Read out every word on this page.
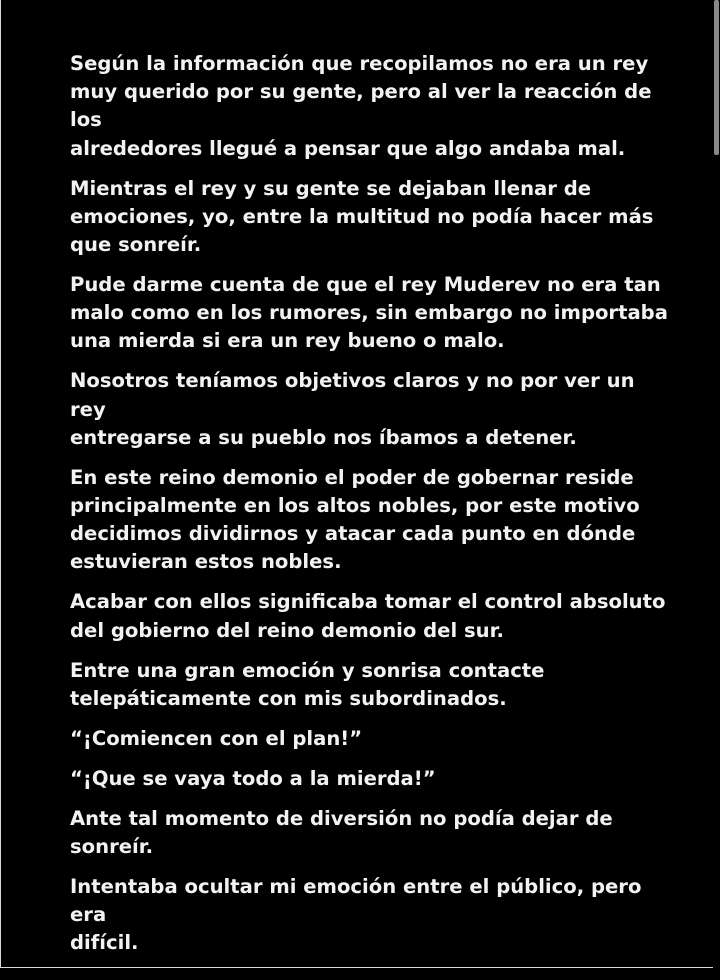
Según la información que recopilamos no era un rey
muy querido por su gente, pero al ver la reacción de los
alrededores llegué a pensar que algo andaba mal.

Mientras el rey y su gente se dejaban llenar de
emociones, yo, entre la multitud no podía hacer más
que sonreír.

Pude darme cuenta de que el rey Muderev no era tan
malo como en los rumores, sin embargo no importaba
una mierda si era un rey bueno o malo.

Nosotros teníamos objetivos claros y no por ver un rey
entregarse a su pueblo nos íbamos a detener.

En este reino demonio el poder de gobernar reside
principalmente en los altos nobles, por este motivo
decidimos dividirnos y atacar cada punto en dónde
estuvieran estos nobles.

Acabar con ellos significaba tomar el control absoluto
del gobierno del reino demonio del sur.

Entre una gran emoción y sonrisa contacte
telepáticamente con mis subordinados.

“¡Comiencen con el plan!”

“¡Que se vaya todo a la mierda!”

Ante tal momento de diversión no podía dejar de
sonreír.

Intentaba ocultar mi emoción entre el público, pero era
difícil.
